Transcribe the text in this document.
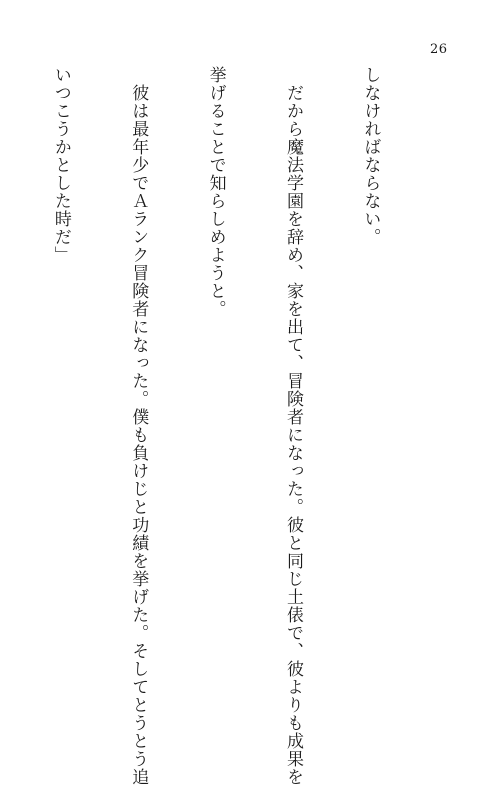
26

しなければならない。

　だから魔法学園を辞め、家を出て、冒険者になった。彼と同じ土俵で、彼よりも成果を

挙げることで知らしめようと。

　彼は最年少でＡランク冒険者になった。僕も負けじと功績を挙げた。そしてとうとう追

いつこうかとした時だ」
